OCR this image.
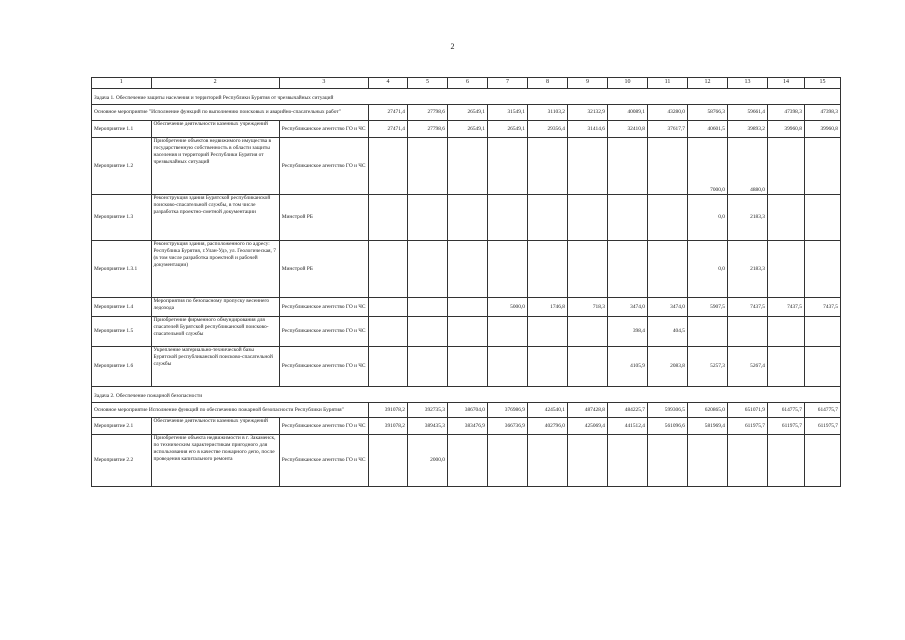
2
1	2	3	4	5	6	7	8	9	10	11	12	13	14	15
Задача 1. Обеспечение защиты населения и территорий Республики Бурятия от чрезвычайных ситуаций														
Основное мероприятие "Исполнение функций по выполнению поисковых и аварийно-спасательных работ"			27471,4	27798,6	26549,1	31549,1	31103,2	32132,9	40089,1	43280,0	58766,3	59661,4	47398,3	47398,3
Мероприятие 1.1	Обеспечение деятельности казенных учреждений	Республиканское агентство ГО и ЧС	27471,4	27798,6	26549,1	26549,1	29356,4	31414,6	32410,8	37617,7	40601,5	39893,2	39960,8	39960,8
Мероприятие 1.2	Приобретение объектов недвижимого имущества в государственную собственность в области защиты населения и территорий Республики Бурятия от чрезвычайных ситуаций	Республиканское агентство ГО и ЧС									7000,0	4880,0		
Мероприятие 1.3	Реконструкция здания Бурятской республиканской поисково-спасательной службы, в том числе разработка проектно-сметной документации	Минстрой РБ									0,0	2183,3		
Мероприятие 1.3.1	Реконструкция здания, расположенного по адресу: Республика Бурятия, г.Улан-Удэ, ул. Геологическая, 7 (в том числе разработка проектной и рабочей документации)	Минстрой РБ									0,0	2183,3		
Мероприятие 1.4	Мероприятия по безопасному пропуску весеннего ледохода	Республиканское агентство ГО и ЧС				5000,0	1746,8	718,3	3474,0	3474,0	5907,5	7437,5	7437,5	7437,5
Мероприятие 1.5	Приобретение фирменного обмундирования для спасателей Бурятской республиканской поисково-спасательной службы	Республиканское агентство ГО и ЧС							398,4	404,5				
Мероприятие 1.6	Укрепление материально-технической базы Бурятской республиканской поисково-спасательной службы	Республиканское агентство ГО и ЧС							4105,9	2083,8	5257,3	5267,4		
Задача 2. Обеспечение пожарной безопасности														
Основное мероприятие Исполнение функций по обеспечению пожарной безопасности Республики Бурятия"			391078,2	392735,3	386704,0	376986,9	424540,1	487428,8	484225,7	599306,5	620865,0	651071,9	614775,7	614775,7
Мероприятие 2.1	Обеспечение деятельности казенных учреждений	Республиканское агентство ГО и ЧС	391078,2	389435,3	383476,9	366736,9	402796,0	425069,4	441512,4	561096,6	581969,4	611975,7	611975,7	611975,7
Мероприятие 2.2	Приобретение объекта недвижимости в г. Закаменск, по техническим характеристикам пригодного для использования его в качестве пожарного депо, после проведения капитального ремонта	Республиканское агентство ГО и ЧС		2000,0										
